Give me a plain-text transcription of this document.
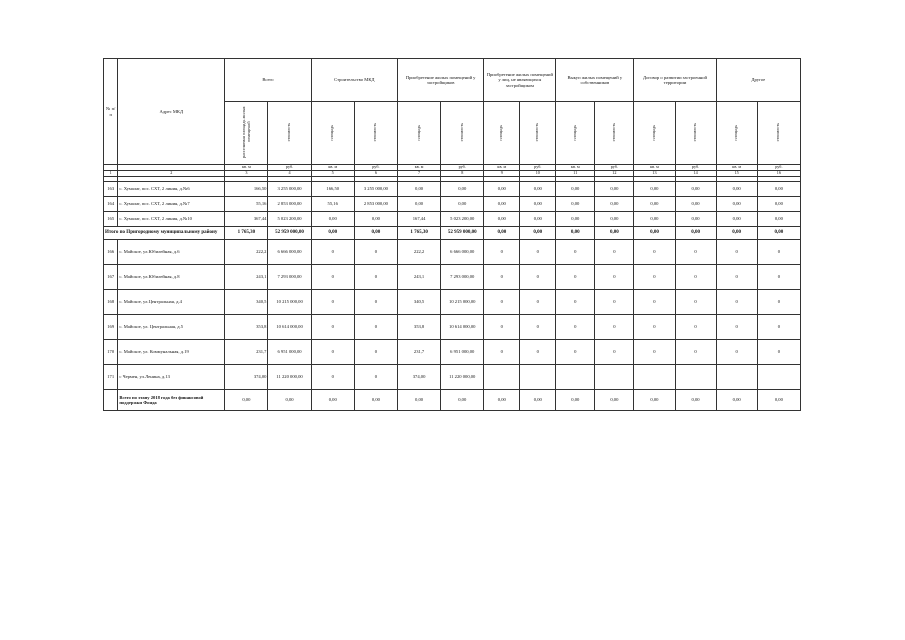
№ п/п	Адрес МКД	Всего		Строительство МКД		Приобретение жилых помещений у застройщиков		Приобретение жилых помещений у лиц, не являющихся застройщиком		Выкуп жилых помещений у собственников		Договор о развитии застроенной территории		Другое	
		расселяемая площадь жилых помещений	стоимость	площадь	стоимость	площадь	стоимость	площадь	стоимость	площадь	стоимость	площадь	стоимость	площадь	стоимость
		кв. м	руб.	кв. м	руб.	кв. м	руб.	кв. м	руб.	кв. м	руб.	кв. м	руб.	кв. м	руб.
1	2	3	4	5	6	7	8	9	10	11	12	13	14	15	16

163	с. Хумалаг, пос. СХТ, 2 линия, д.№6	166,50	3 255 000,00	166,50	3 255 000,00	0,00	0,00	0,00	0,00	0,00	0,00	0,00	0,00	0,00	0,00
164	с. Хумалаг, пос. СХТ, 2 линия, д.№7	55,16	2 853 000,00	55,16	2 853 000,00	0,00	0,00	0,00	0,00	0,00	0,00	0,00	0,00	0,00	0,00
165	с. Хумалаг, пос. СХТ, 2 линия, д.№10	367,44	5 023 200,00	0,00	0,00	167,44	5 023 200,00	0,00	0,00	0,00	0,00	0,00	0,00	0,00	0,00
Итого по Пригородному муниципальному району		1 765,30	52 959 000,00	0,00	0,00	1 765,30	52 959 000,00	0,00	0,00	0,00	0,00	0,00	0,00	0,00	0,00
166	с. Майское, ул.Юбилейная, д.6	222,2	6 666 000,00	0	0	222,2	6 666 000,00	0	0	0	0	0	0	0	0
167	с. Майское, ул.Юбилейная, д.8	243,1	7 293 000,00	0	0	243,1	7 293 000,00	0	0	0	0	0	0	0	0
168	с. Майское, ул.Центральная, д.4	340,5	10 215 000,00	0	0	340,5	10 215 000,00	0	0	0	0	0	0	0	0
169	с. Майское, ул. Центральная, д.5	353,8	10 614 000,00	0	0	353,8	10 614 000,00	0	0	0	0	0	0	0	0
170	с. Майское, ул. Коммунальная, д.19	231,7	6 951 000,00	0	0	231,7	6 951 000,00	0	0	0	0	0	0	0	0
171	с Чермен, ул.Ленина, д.13	374,00	11 220 000,00	0	0	374,00	11 220 000,00								
	Всего по этапу 2018 года без финансовой поддержки Фонда	0,00	0,00	0,00	0,00	0,00	0,00	0,00	0,00	0,00	0,00	0,00	0,00	0,00	0,00
